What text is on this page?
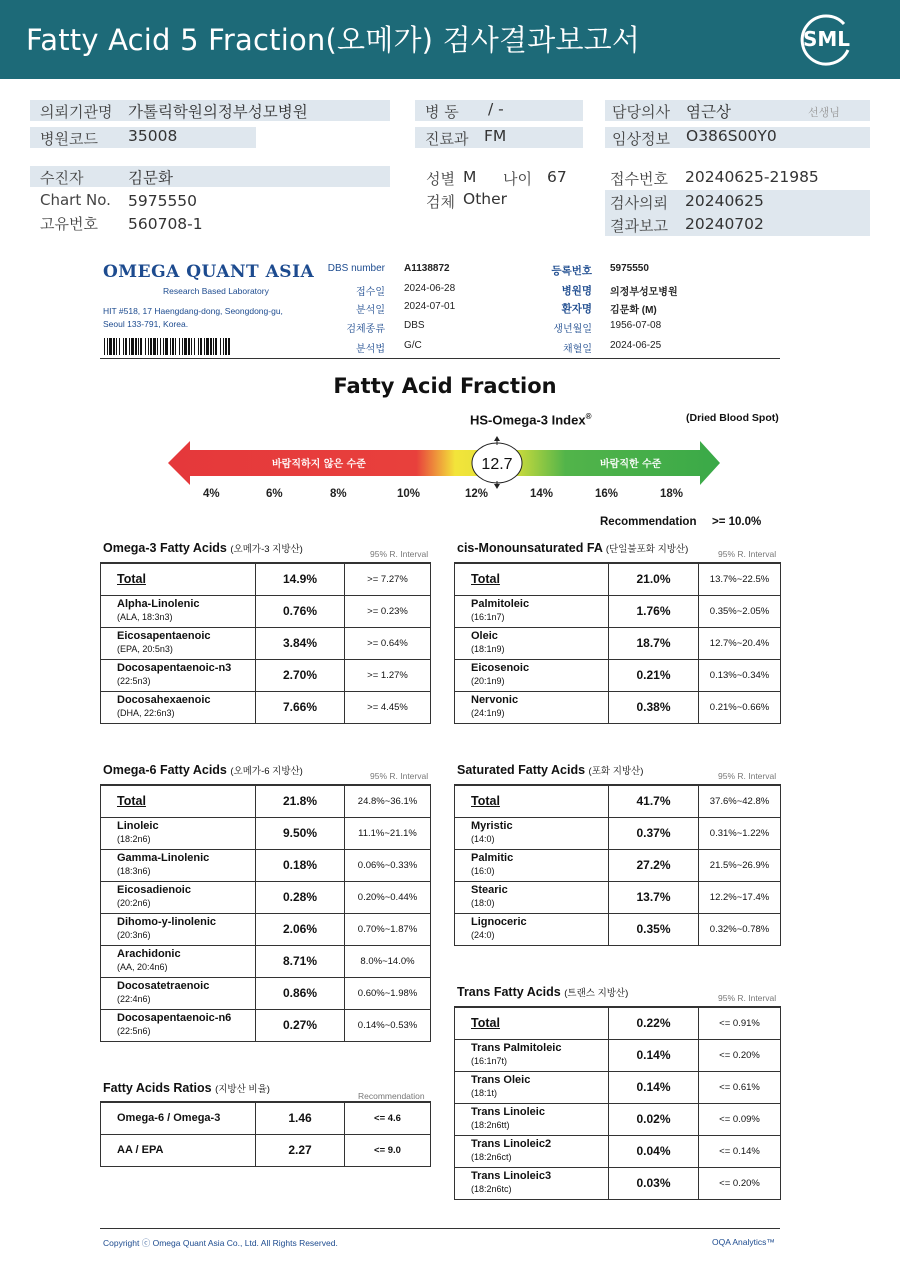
Fatty Acid 5 Fraction(오메가) 검사결과보고서	SML
의뢰기관명 가톨릭학원의정부성모병원
병원코드 35008
병 동 / -
진료과 FM
담당의사 염근상	선생님
임상정보 O386S00Y0
수진자	김문화
Chart No. 5975550
고유번호 560708-1
성별 M 나이 67
검체 Other
접수번호 20240625-21985
검사의뢰 20240625
결과보고 20240702
OMEGA QUANT ASIA
Research Based Laboratory
HIT #518, 17 Haengdang-dong, Seongdong-gu,
Seoul 133-791, Korea.
DBS number A1138872
접수일 2024-06-28
분석일 2024-07-01
검체종류 DBS
분석법 G/C
등록번호 5975550
병원명 의정부성모병원
환자명 김문화 (M)
생년월일 1956-07-08
채혈일 2024-06-25
Fatty Acid Fraction
HS-Omega-3 Index®	(Dried Blood Spot)
바람직하지 않은 수준	바람직한 수준
12.7
4%	6%	8%	10%	12%	14%	16%	18%
Recommendation >= 10.0%
Omega-3 Fatty Acids (오메가-3 지방산)	95% R. Interval
Total	14.9%	>= 7.27%

Alpha-Linolenic
(ALA, 18:3n3)	0.76%	>= 0.23%

Eicosapentaenoic
(EPA, 20:5n3)	3.84%	>= 0.64%

Docosapentaenoic-n3
(22:5n3)	2.70%	>= 1.27%

Docosahexaenoic
(DHA, 22:6n3)	7.66%	>= 4.45%
cis-Monounsaturated FA (단일불포화 지방산)	95% R. Interval
Total	21.0%	13.7%~22.5%

Palmitoleic
(16:1n7)	1.76%	0.35%~2.05%

Oleic
(18:1n9)	18.7%	12.7%~20.4%

Eicosenoic
(20:1n9)	0.21%	0.13%~0.34%

Nervonic
(24:1n9)	0.38%	0.21%~0.66%
Omega-6 Fatty Acids (오메가-6 지방산)	95% R. Interval
Total	21.8%	24.8%~36.1%

Linoleic
(18:2n6)	9.50%	11.1%~21.1%

Gamma-Linolenic
(18:3n6)	0.18%	0.06%~0.33%

Eicosadienoic
(20:2n6)	0.28%	0.20%~0.44%

Dihomo-y-linolenic
(20:3n6)	2.06%	0.70%~1.87%

Arachidonic
(AA, 20:4n6)	8.71%	8.0%~14.0%

Docosatetraenoic
(22:4n6)	0.86%	0.60%~1.98%

Docosapentaenoic-n6
(22:5n6)	0.27%	0.14%~0.53%
Saturated Fatty Acids (포화 지방산)	95% R. Interval
Total	41.7%	37.6%~42.8%

Myristic
(14:0)	0.37%	0.31%~1.22%

Palmitic
(16:0)	27.2%	21.5%~26.9%

Stearic
(18:0)	13.7%	12.2%~17.4%

Lignoceric
(24:0)	0.35%	0.32%~0.78%
Trans Fatty Acids (트랜스 지방산)	95% R. Interval
Total	0.22%	<= 0.91%

Trans Palmitoleic
(16:1n7t)	0.14%	<= 0.20%

Trans Oleic
(18:1t)	0.14%	<= 0.61%

Trans Linoleic
(18:2n6tt)	0.02%	<= 0.09%

Trans Linoleic2
(18:2n6ct)	0.04%	<= 0.14%

Trans Linoleic3
(18:2n6tc)	0.03%	<= 0.20%
Fatty Acids Ratios (지방산 비율)
Recommendation
Omega-6 / Omega-3	1.46	<= 4.6

AA / EPA	2.27	<= 9.0
Copyright ⓒ Omega Quant Asia Co., Ltd. All Rights Reserved.	OQA Analytics™
